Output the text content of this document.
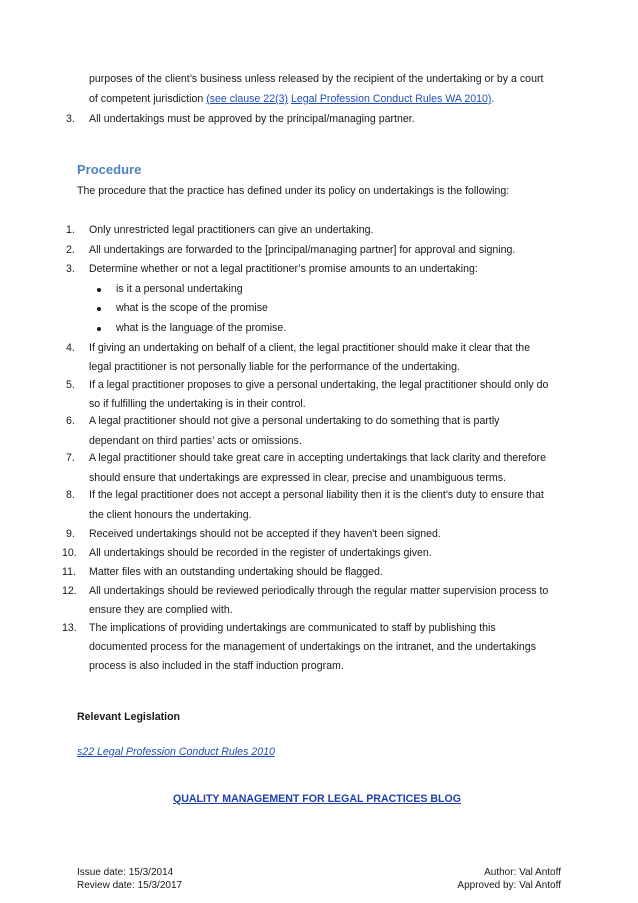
purposes of the client’s business unless released by the recipient of the undertaking or by a court
of competent jurisdiction (see clause 22(3) Legal Profession Conduct Rules WA 2010).
3. All undertakings must be approved by the principal/managing partner.
Procedure
The procedure that the practice has defined under its policy on undertakings is the following:
1. Only unrestricted legal practitioners can give an undertaking.
2. All undertakings are forwarded to the [principal/managing partner] for approval and signing.
3. Determine whether or not a legal practitioner’s promise amounts to an undertaking:
is it a personal undertaking
what is the scope of the promise
what is the language of the promise.
4. If giving an undertaking on behalf of a client, the legal practitioner should make it clear that the
legal practitioner is not personally liable for the performance of the undertaking.
5. If a legal practitioner proposes to give a personal undertaking, the legal practitioner should only do
so if fulfilling the undertaking is in their control.
6. A legal practitioner should not give a personal undertaking to do something that is partly
dependant on third parties’ acts or omissions.
7. A legal practitioner should take great care in accepting undertakings that lack clarity and therefore
should ensure that undertakings are expressed in clear, precise and unambiguous terms.
8. If the legal practitioner does not accept a personal liability then it is the client's duty to ensure that
the client honours the undertaking.
9. Received undertakings should not be accepted if they haven't been signed.
10. All undertakings should be recorded in the register of undertakings given.
11. Matter files with an outstanding undertaking should be flagged.
12. All undertakings should be reviewed periodically through the regular matter supervision process to
ensure they are complied with.
13. The implications of providing undertakings are communicated to staff by publishing this
documented process for the management of undertakings on the intranet, and the undertakings
process is also included in the staff induction program.
Relevant Legislation
s22 Legal Profession Conduct Rules 2010
QUALITY MANAGEMENT FOR LEGAL PRACTICES BLOG
Issue date: 15/3/2014
Review date: 15/3/2017
Author: Val Antoff
Approved by: Val Antoff
